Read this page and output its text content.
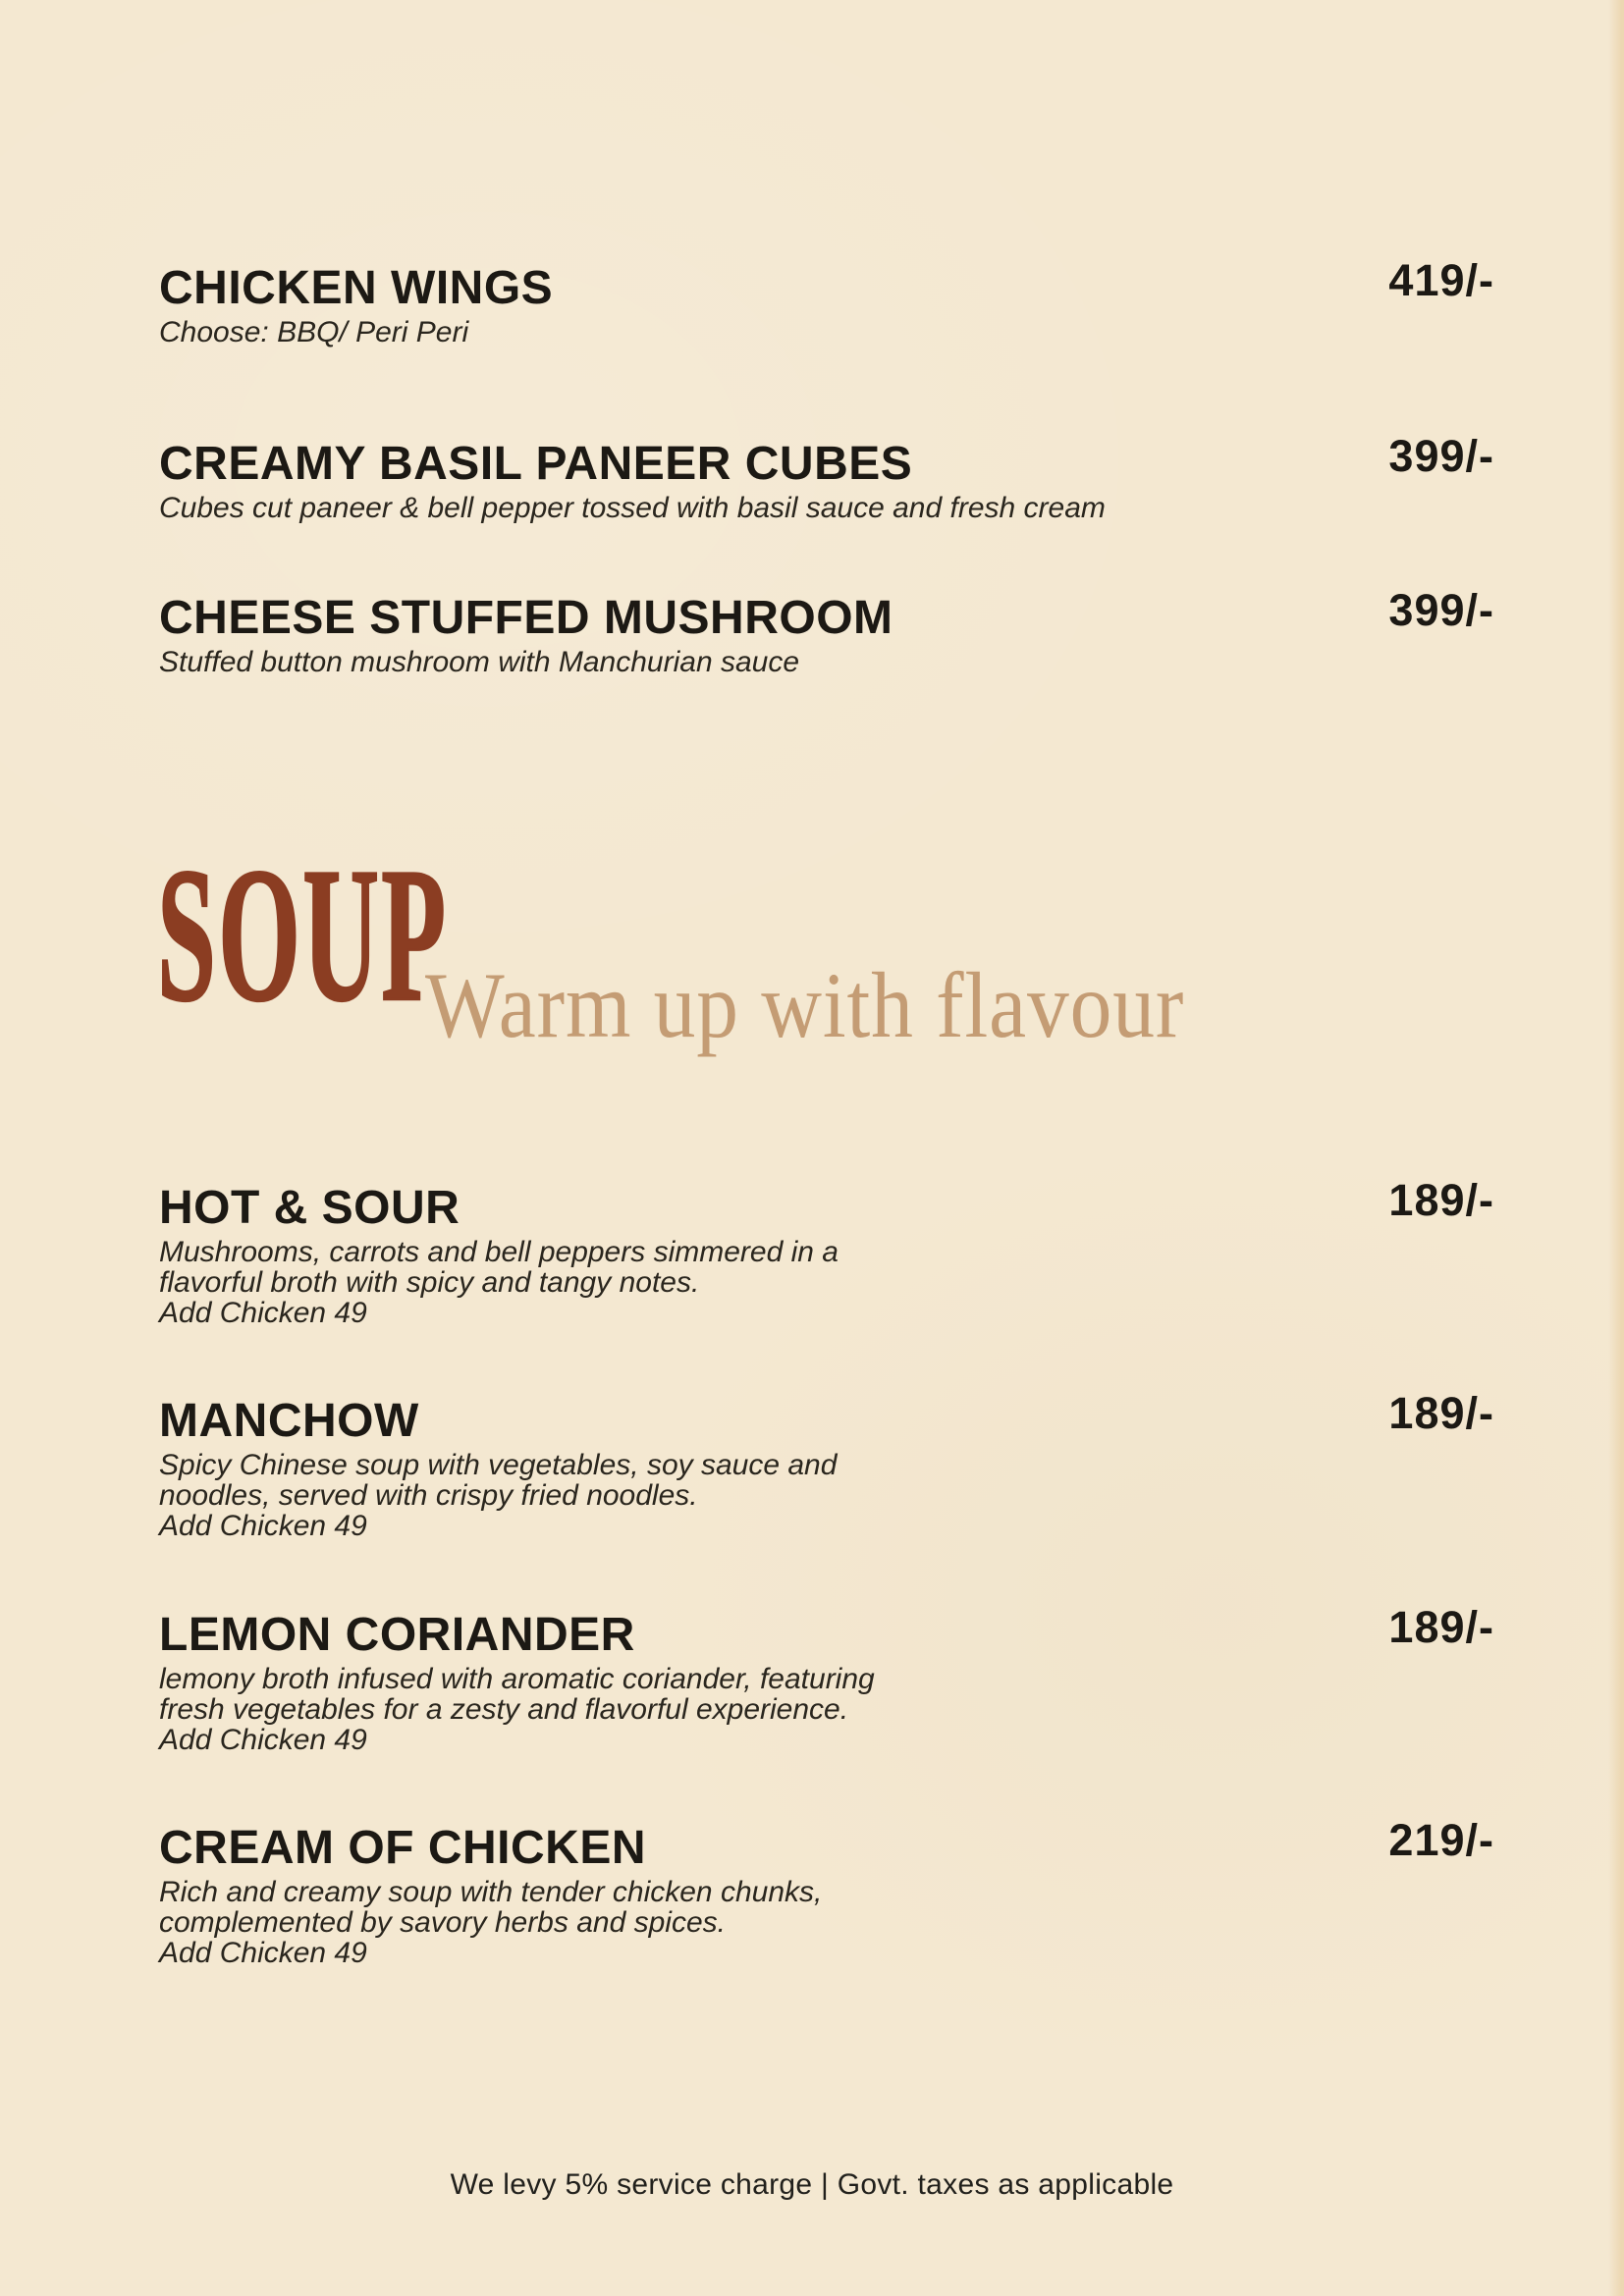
CHICKEN WINGS	419/-
Choose: BBQ/ Peri Peri
CREAMY BASIL PANEER CUBES	399/-
Cubes cut paneer & bell pepper tossed with basil sauce and fresh cream
CHEESE STUFFED MUSHROOM	399/-
Stuffed button mushroom with Manchurian sauce
SOUP
Warm up with flavour
HOT & SOUR	189/-
Mushrooms, carrots and bell peppers simmered in a
flavorful broth with spicy and tangy notes.
Add Chicken 49
MANCHOW	189/-
Spicy Chinese soup with vegetables, soy sauce and
noodles, served with crispy fried noodles.
Add Chicken 49
LEMON CORIANDER	189/-
lemony broth infused with aromatic coriander, featuring
fresh vegetables for a zesty and flavorful experience.
Add Chicken 49
CREAM OF CHICKEN	219/-
Rich and creamy soup with tender chicken chunks,
complemented by savory herbs and spices.
Add Chicken 49
We levy 5% service charge | Govt. taxes as applicable
